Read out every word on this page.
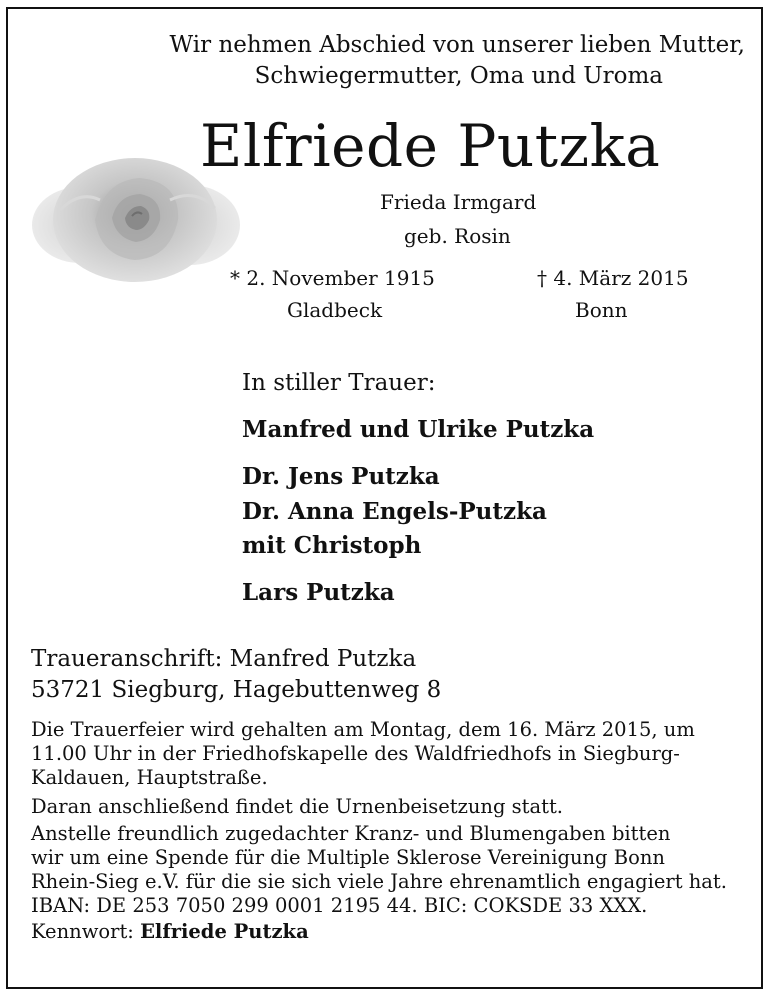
Wir nehmen Abschied von unserer lieben Mutter,
Schwiegermutter, Oma und Uroma
Elfriede Putzka
Frieda Irmgard
geb. Rosin
* 2. November 1915
Gladbeck
† 4. März 2015
Bonn
In stiller Trauer:
Manfred und Ulrike Putzka
Dr. Jens Putzka
Dr. Anna Engels-Putzka
mit Christoph
Lars Putzka
Traueranschrift: Manfred Putzka
53721 Siegburg, Hagebuttenweg 8
Die Trauerfeier wird gehalten am Montag, dem 16. März 2015, um
11.00 Uhr in der Friedhofskapelle des Waldfriedhofs in Siegburg-
Kaldauen, Hauptstraße.
Daran anschließend findet die Urnenbeisetzung statt.
Anstelle freundlich zugedachter Kranz- und Blumengaben bitten
wir um eine Spende für die Multiple Sklerose Vereinigung Bonn
Rhein-Sieg e.V. für die sie sich viele Jahre ehrenamtlich engagiert hat.
IBAN: DE 253 7050 299 0001 2195 44. BIC: COKSDE 33 XXX.
Kennwort: Elfriede Putzka
